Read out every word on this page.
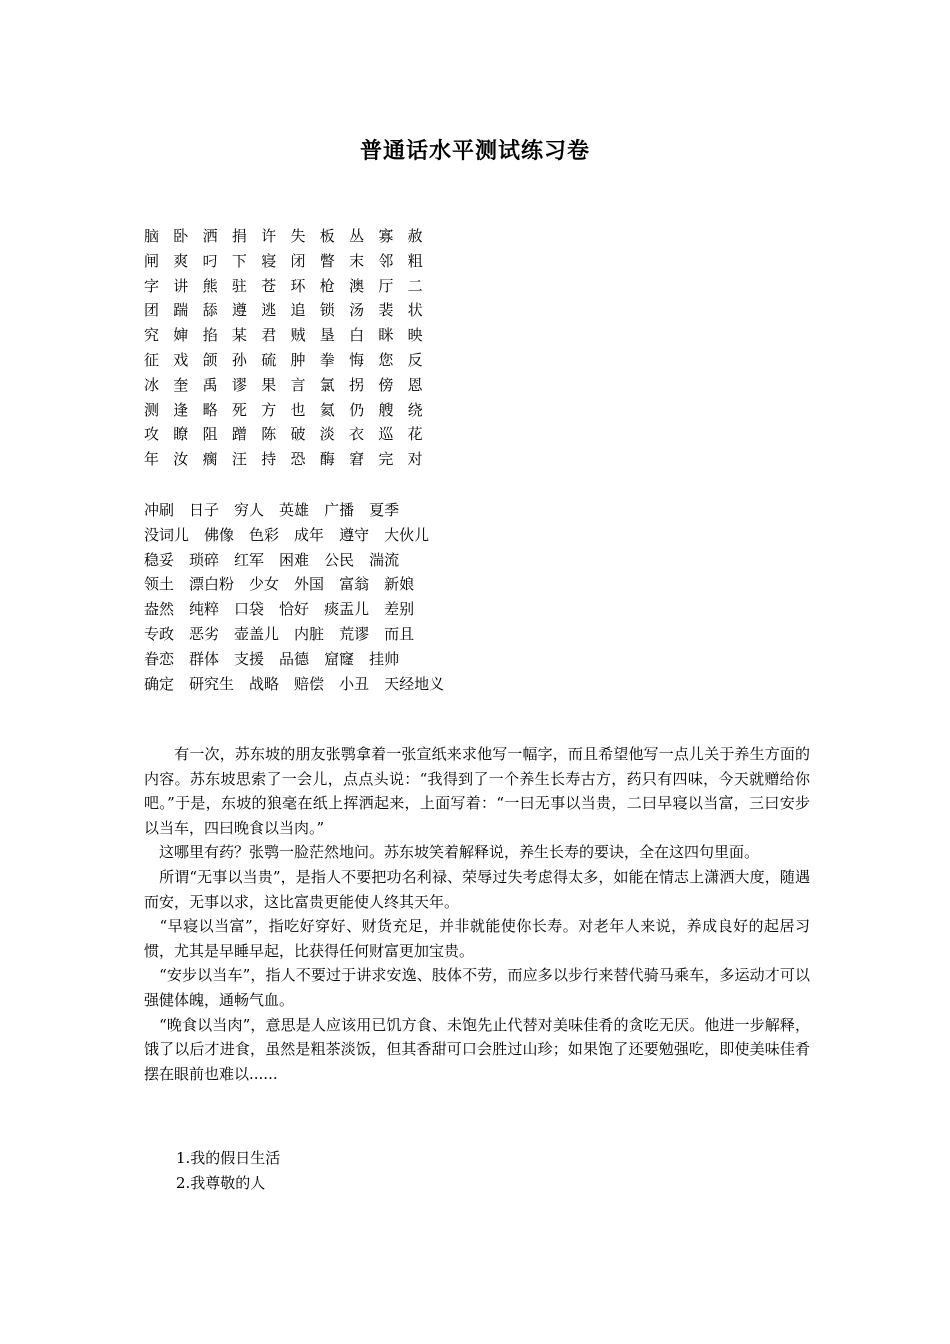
普通话水平测试练习卷
脑 卧 洒 捐 许 失 板 丛 寡 赦
闸 爽 叼 下 寝 闭 瞥 末 邻 粗
字 讲 熊 驻 苍 环 枪 澳 厅 二
团 踹 舔 遵 逃 追 锁 汤 裴 状
究 婶 掐 某 君 贼 垦 白 眯 映
征 戏 颌 孙 硫 肿 拳 悔 您 反
冰 奎 禹 谬 果 言 氯 拐 傍 恩
测 逢 略 死 方 也 氦 仍 艘 绕
攻 瞭 阻 蹭 陈 破 淡 衣 巡 花
年 汝 瘸 汪 持 恐 酶 窘 完 对
冲刷 日子 穷人 英雄 广播 夏季
没词儿 佛像 色彩 成年 遵守 大伙儿
稳妥 琐碎 红军 困难 公民 湍流
领土 漂白粉 少女 外国 富翁 新娘
盎然 纯粹 口袋 恰好 痰盂儿 差别
专政 恶劣 壶盖儿 内脏 荒谬 而且
眷恋 群体 支援 品德 窟窿 挂帅
确定 研究生 战略 赔偿 小丑 天经地义

　　有一次，苏东坡的朋友张鹗拿着一张宣纸来求他写一幅字，而且希望他写一点儿关于养生方面的内容。苏东坡思索了一会儿，点点头说：“我得到了一个养生长寿古方，药只有四味，今天就赠给你吧。”于是，东坡的狼毫在纸上挥洒起来，上面写着：“一曰无事以当贵，二曰早寝以当富，三曰安步以当车，四曰晚食以当肉。”

　这哪里有药？张鹗一脸茫然地问。苏东坡笑着解释说，养生长寿的要诀，全在这四句里面。

　所谓“无事以当贵”，是指人不要把功名利禄、荣辱过失考虑得太多，如能在情志上潇洒大度，随遇而安，无事以求，这比富贵更能使人终其天年。

　“早寝以当富”，指吃好穿好、财货充足，并非就能使你长寿。对老年人来说，养成良好的起居习惯，尤其是早睡早起，比获得任何财富更加宝贵。

　“安步以当车”，指人不要过于讲求安逸、肢体不劳，而应多以步行来替代骑马乘车，多运动才可以强健体魄，通畅气血。

　“晚食以当肉”，意思是人应该用已饥方食、未饱先止代替对美味佳肴的贪吃无厌。他进一步解释，饿了以后才进食，虽然是粗茶淡饭，但其香甜可口会胜过山珍；如果饱了还要勉强吃，即使美味佳肴摆在眼前也难以......

1.我的假日生活
2.我尊敬的人
